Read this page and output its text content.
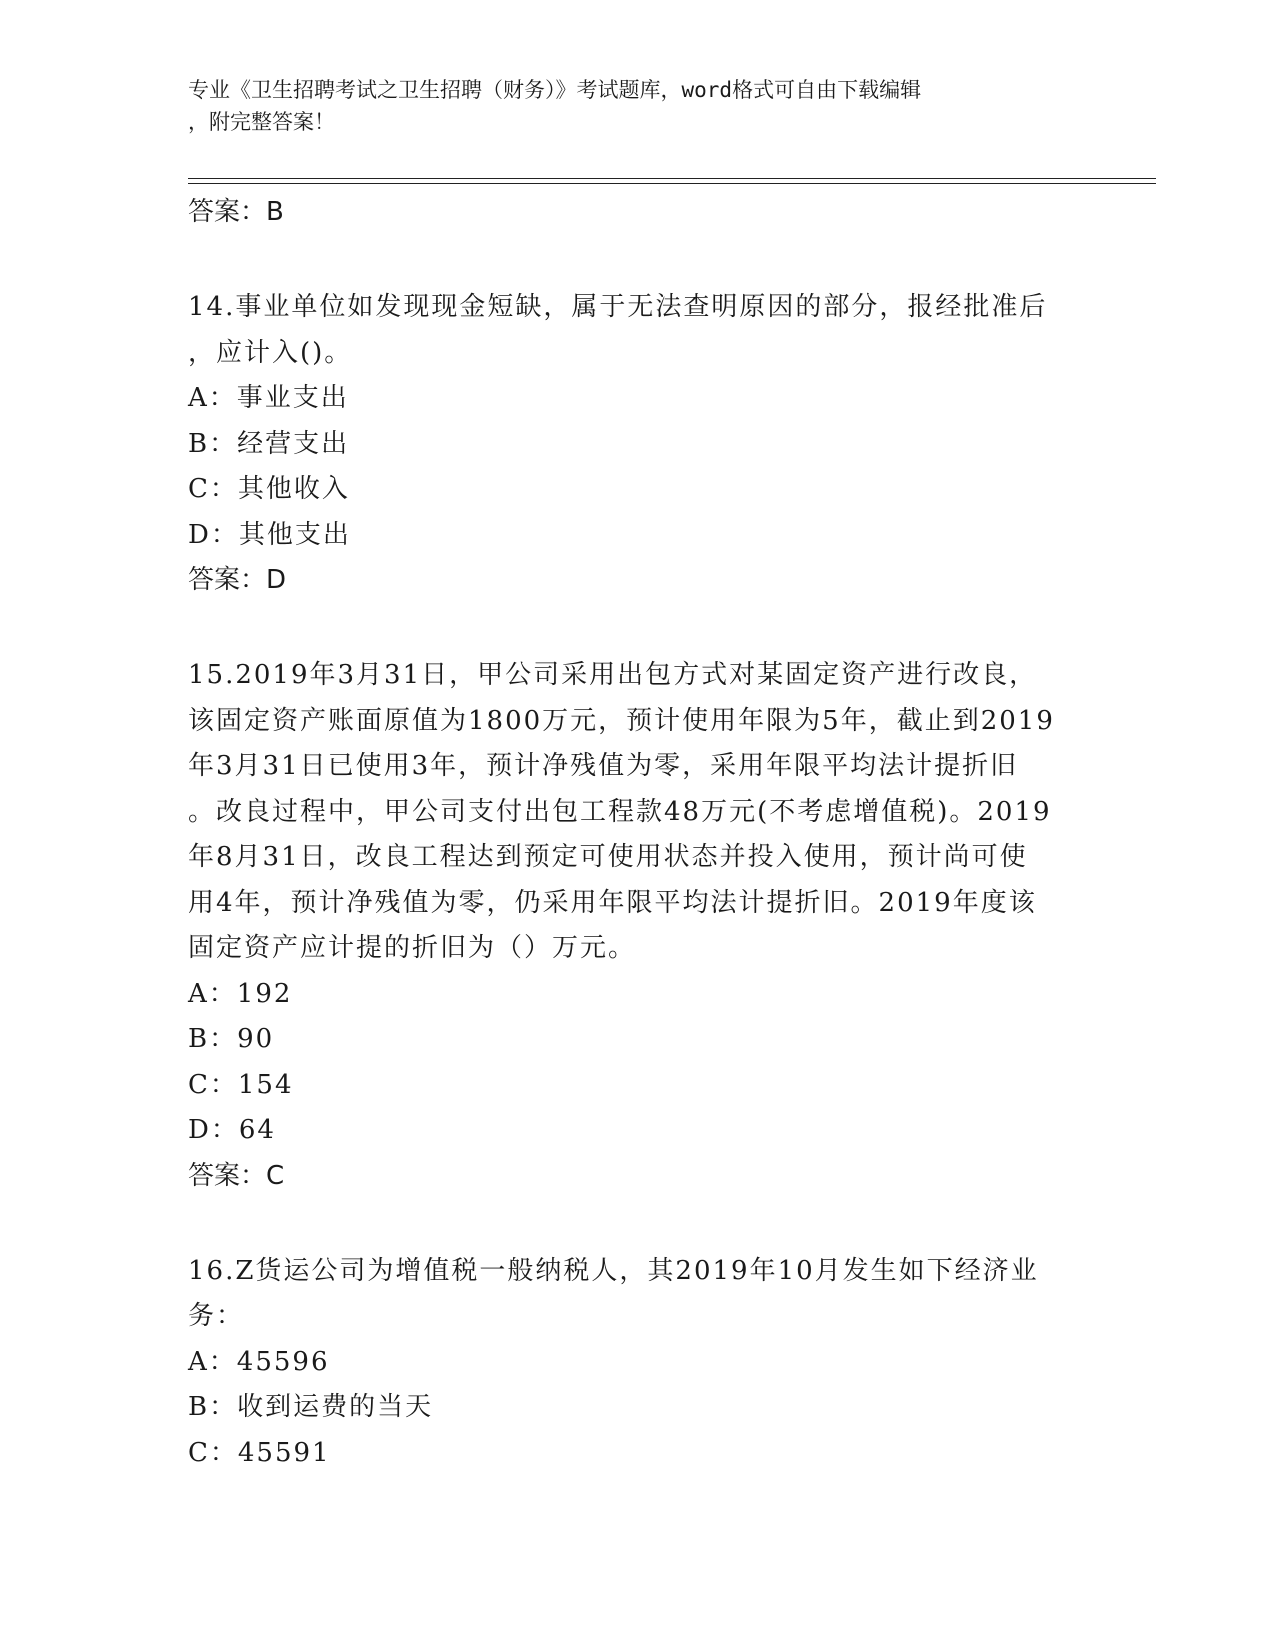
专业《卫生招聘考试之卫生招聘（财务）》考试题库，word格式可自由下载编辑
，附完整答案！

答案：B

14.事业单位如发现现金短缺，属于无法查明原因的部分，报经批准后

，应计入()。

A：事业支出

B：经营支出

C：其他收入

D：其他支出

答案：D

15.2019年3月31日，甲公司采用出包方式对某固定资产进行改良，

该固定资产账面原值为1800万元，预计使用年限为5年，截止到2019

年3月31日已使用3年，预计净残值为零，采用年限平均法计提折旧

。改良过程中，甲公司支付出包工程款48万元(不考虑增值税)。2019

年8月31日，改良工程达到预定可使用状态并投入使用，预计尚可使

用4年，预计净残值为零，仍采用年限平均法计提折旧。2019年度该

固定资产应计提的折旧为（）万元。

A：192

B：90

C：154

D：64

答案：C

16.Z货运公司为增值税一般纳税人，其2019年10月发生如下经济业

务：

A：45596

B：收到运费的当天

C：45591
